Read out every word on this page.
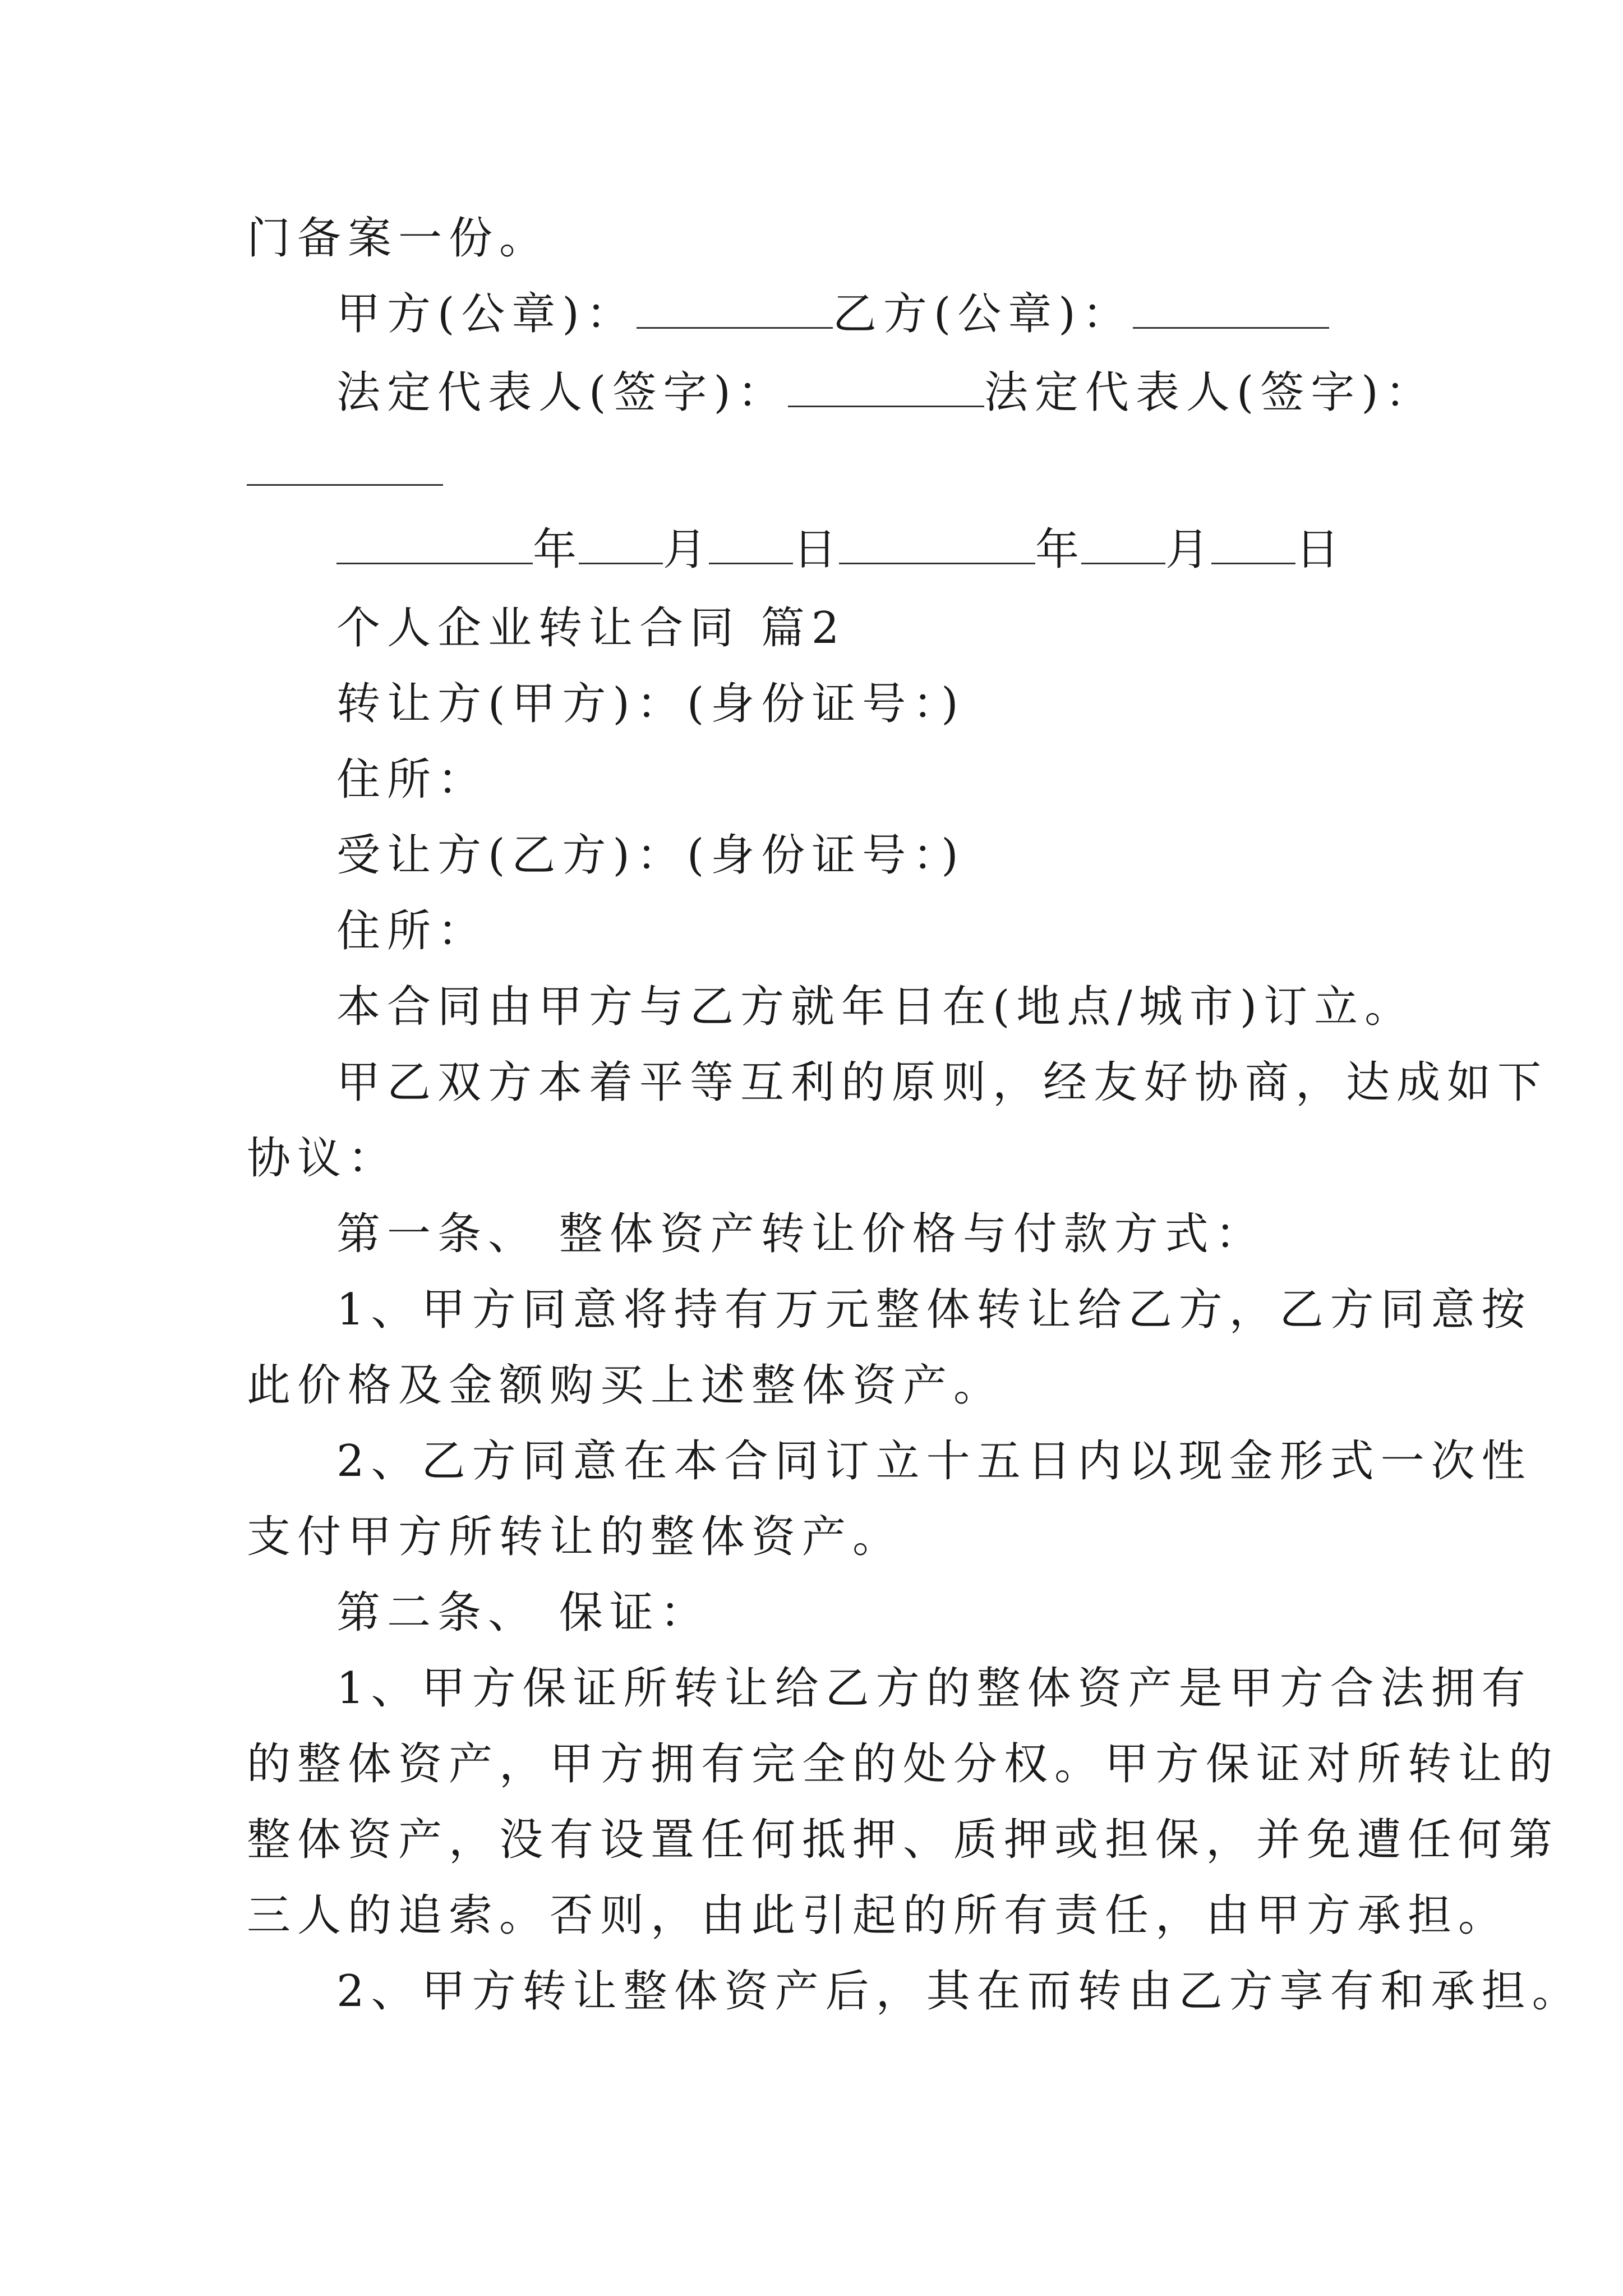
门备案一份。
甲方(公章)：	乙方(公章)：
法定代表人(签字)：	法定代表人(签字)：
年 月 日	年 月 日
个人企业转让合同 篇2
转让方(甲方)：(身份证号：)
住所：
受让方(乙方)：(身份证号：)
住所：
本合同由甲方与乙方就年日在(地点/城市)订立。
甲乙双方本着平等互利的原则，经友好协商，达成如下
协议：
第一条、 整体资产转让价格与付款方式：
1、甲方同意将持有万元整体转让给乙方，乙方同意按
此价格及金额购买上述整体资产。
2、乙方同意在本合同订立十五日内以现金形式一次性
支付甲方所转让的整体资产。
第二条、 保证：
1、甲方保证所转让给乙方的整体资产是甲方合法拥有
的整体资产，甲方拥有完全的处分权。甲方保证对所转让的
整体资产，没有设置任何抵押、质押或担保，并免遭任何第
三人的追索。否则，由此引起的所有责任，由甲方承担。
2、甲方转让整体资产后，其在而转由乙方享有和承担。
